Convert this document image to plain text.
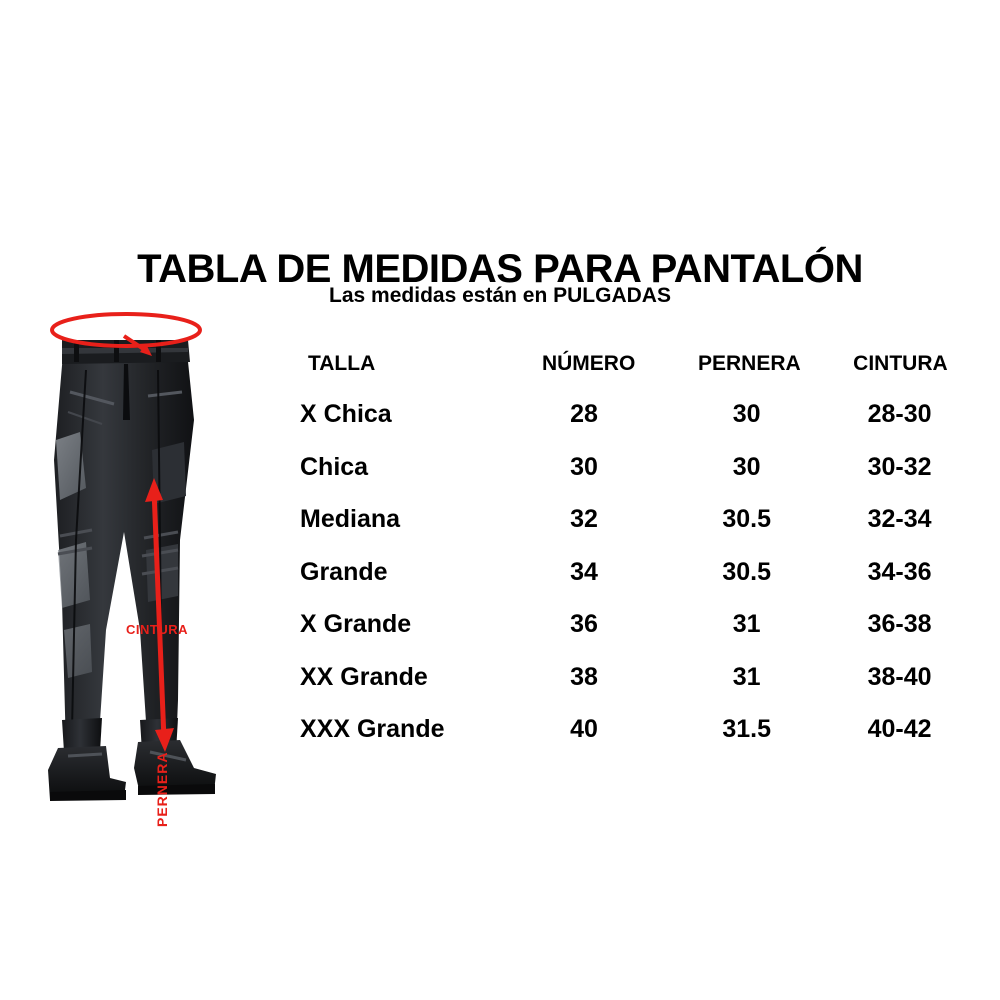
TABLA DE MEDIDAS PARA PANTALÓN
Las medidas están en PULGADAS
CINTURA
PERNERA
TALLA	NÚMERO	PERNERA	CINTURA
X Chica	28	30	28-30
Chica	30	30	30-32
Mediana	32	30.5	32-34
Grande	34	30.5	34-36
X Grande	36	31	36-38
XX Grande	38	31	38-40
XXX Grande	40	31.5	40-42
